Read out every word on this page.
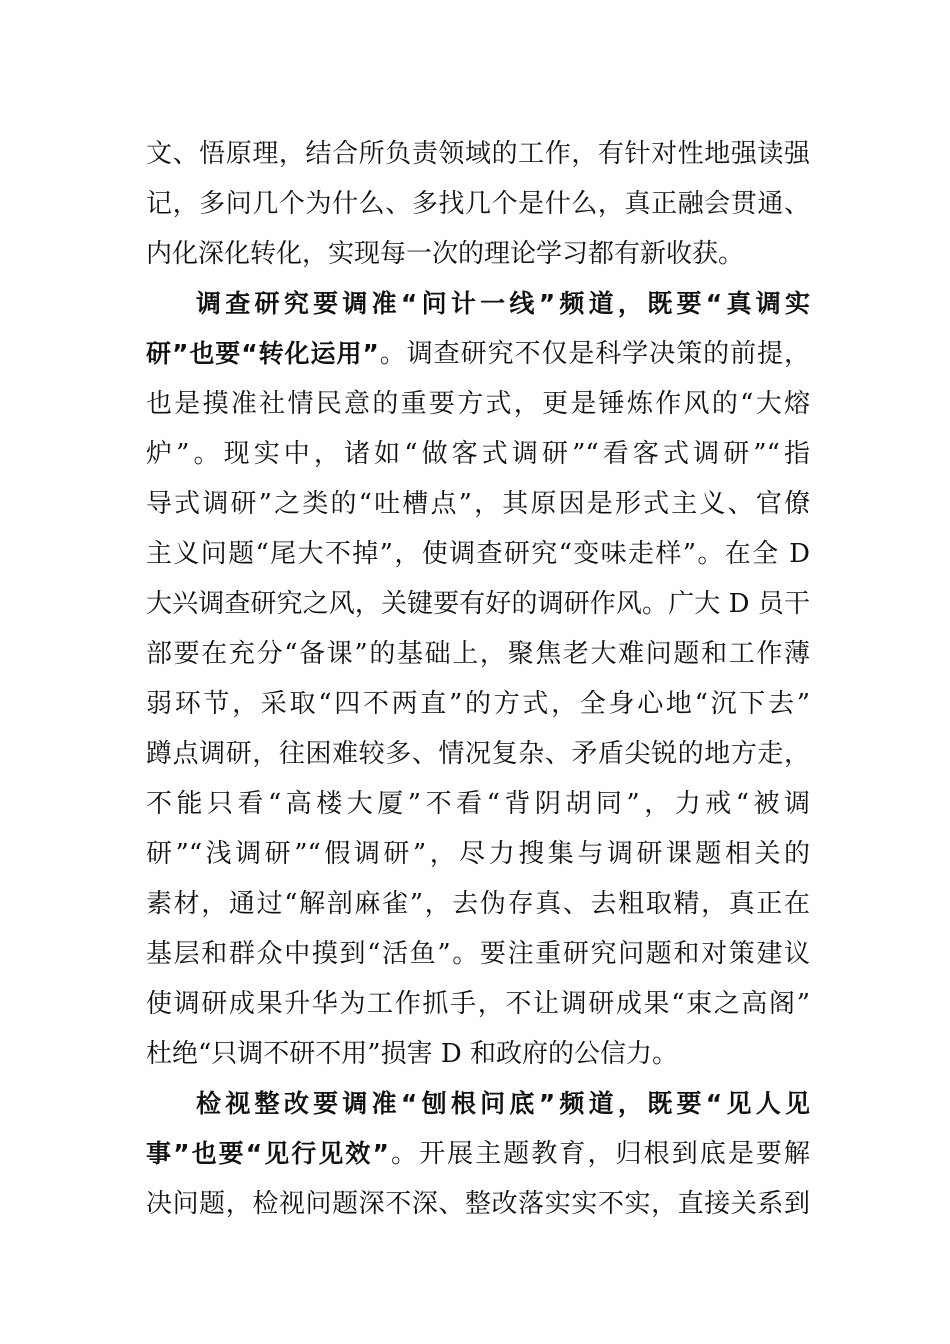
文、悟原理，结合所负责领域的工作，有针对性地强读强
记，多问几个为什么、多找几个是什么，真正融会贯通、
内化深化转化，实现每一次的理论学习都有新收获。
调查研究要调准“问计一线”频道，既要“真调实
研”也要“转化运用”。调查研究不仅是科学决策的前提，
也是摸准社情民意的重要方式，更是锤炼作风的“大熔
炉”。现实中，诸如“做客式调研”“看客式调研”“指
导式调研”之类的“吐槽点”，其原因是形式主义、官僚
主义问题“尾大不掉”，使调查研究“变味走样”。在全 D
大兴调查研究之风，关键要有好的调研作风。广大 D 员干
部要在充分“备课”的基础上，聚焦老大难问题和工作薄
弱环节，采取“四不两直”的方式，全身心地“沉下去”
蹲点调研，往困难较多、情况复杂、矛盾尖锐的地方走，
不能只看“高楼大厦”不看“背阴胡同”，力戒“被调
研”“浅调研”“假调研”，尽力搜集与调研课题相关的
素材，通过“解剖麻雀”，去伪存真、去粗取精，真正在
基层和群众中摸到“活鱼”。要注重研究问题和对策建议
使调研成果升华为工作抓手，不让调研成果“束之高阁”
杜绝“只调不研不用”损害 D 和政府的公信力。
检视整改要调准“刨根问底”频道，既要“见人见
事”也要“见行见效”。开展主题教育，归根到底是要解
决问题，检视问题深不深、整改落实实不实，直接关系到
